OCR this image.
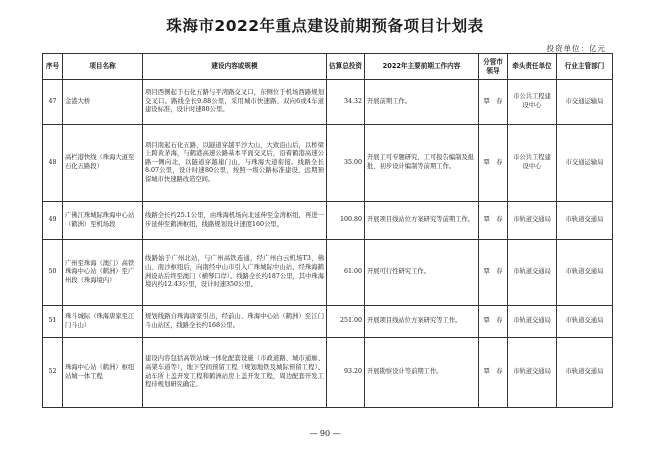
珠海市2022年重点建设前期预备项目计划表
投资单位：亿元
序号	项目名称	建设内容或规模	估算总投资	2022年主要前期工作内容	分管市领导	牵头责任单位	行业主管部门
47	金港大桥	项目西侧起于石化五路与平湾路交叉口，东侧位于机场西路规划交叉口。路线全长9.88公里，采用城市快速路、双向6或4车道建设标准，设计时速80公里。	34.32	开展前期工作。	覃　春	市公共工程建设中心	市交通运输局
48	高栏港快线（珠海大道至石化五路段）	项目南起石化五路，以隧道穿越平沙大山，大致沿山后，以桥梁上跨黄茅海，与鹤港高速公路基本平面交叉后，沿着鹤港高速公路一侧向北，以隧道穿越崖门山，与珠海大道衔接。线路全长8.07公里，设计时速80公里，按照一级公路标准建设，远期预留城市快速路改造空间。	35.00	开展工可专题研究、工可报告编制及报批、初步设计编制等前期工作。	覃　春	市公共工程建设中心	市交通运输局
49	广佛江珠城际珠海中心站（鹤洲）至机场段	线路全长约25.1公里，由珠海机场向北延伸至金湾枢纽，再进一步延伸至鹤洲枢纽，线路规划设计速度160公里。	100.80	开展项目线站位方案研究等前期工作。	覃　春	市轨道交通局	市轨道交通局
50	广州至珠海（澳门）高铁珠海中心站（鹤洲）至广州段（珠海境内）	线路始于广州北站，与广州高铁连通，经广州白云机场T3、佛山、南沙枢纽后，向南经中山市引入广珠城际中山站，经珠海鹤洲设站后终至澳门（横琴口岸）。线路全长约187公里，其中珠海境内约12.43公里，设计时速350公里。	61.00	开展可行性研究工作。	覃　春	市轨道交通局	市轨道交通局
51	珠斗城际（珠海唐家至江门斗山）	规划线路自珠海唐家引出，经前山、珠海中心站（鹤洲）至江门斗山站区，线路全长约168公里。	251.00	开展项目线站位方案研究等工作。	覃　春	市轨道交通局	市轨道交通局
52	珠海中心站（鹤洲）枢纽站城一体工程	建设内容包括高铁站城一体化配套设施（市政道路、城市通廊、高架车道等），地下空间预留工程（规划地铁及城际预留工程）、动车所上盖开发工程和鹤洲站房上盖开发工程，周边配套开发工程待规划研究确定。	93.20	开展勘察设计等前期工作。	覃　春	市轨道交通局	市轨道交通局
— 90 —
